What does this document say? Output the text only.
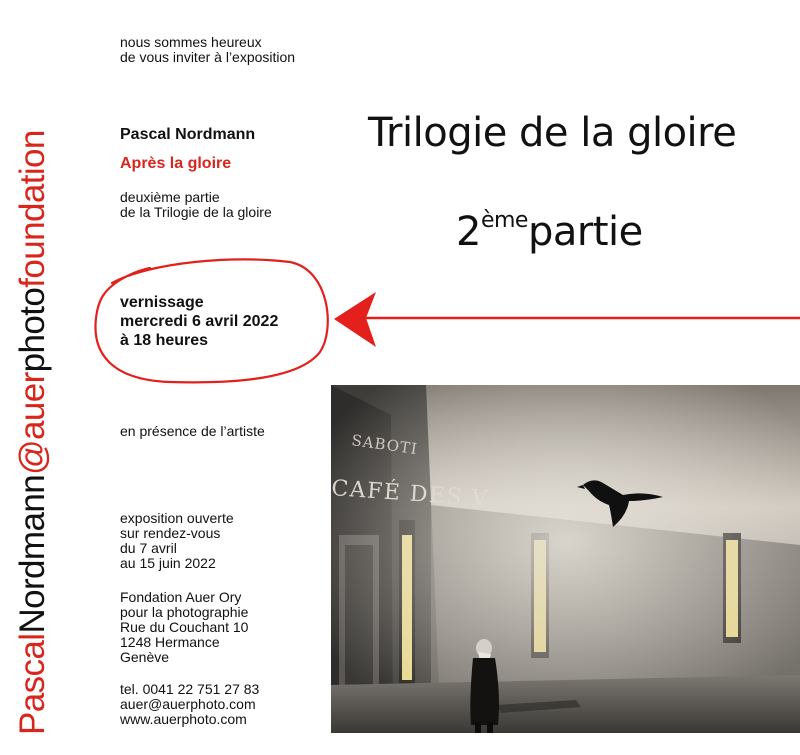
PascalNordmann@auerphotofoundation
nous sommes heureux
de vous inviter à l’exposition
Pascal Nordmann
Après la gloire
deuxième partie
de la Trilogie de la gloire
Trilogie de la gloire
2èmepartie
vernissage
mercredi 6 avril 2022
à 18 heures
en présence de l’artiste
exposition ouverte
sur rendez-vous
du 7 avril
au 15 juin 2022
Fondation Auer Ory
pour la photographie
Rue du Couchant 10
1248 Hermance
Genève
tel. 0041 22 751 27 83
auer@auerphoto.com
www.auerphoto.com
